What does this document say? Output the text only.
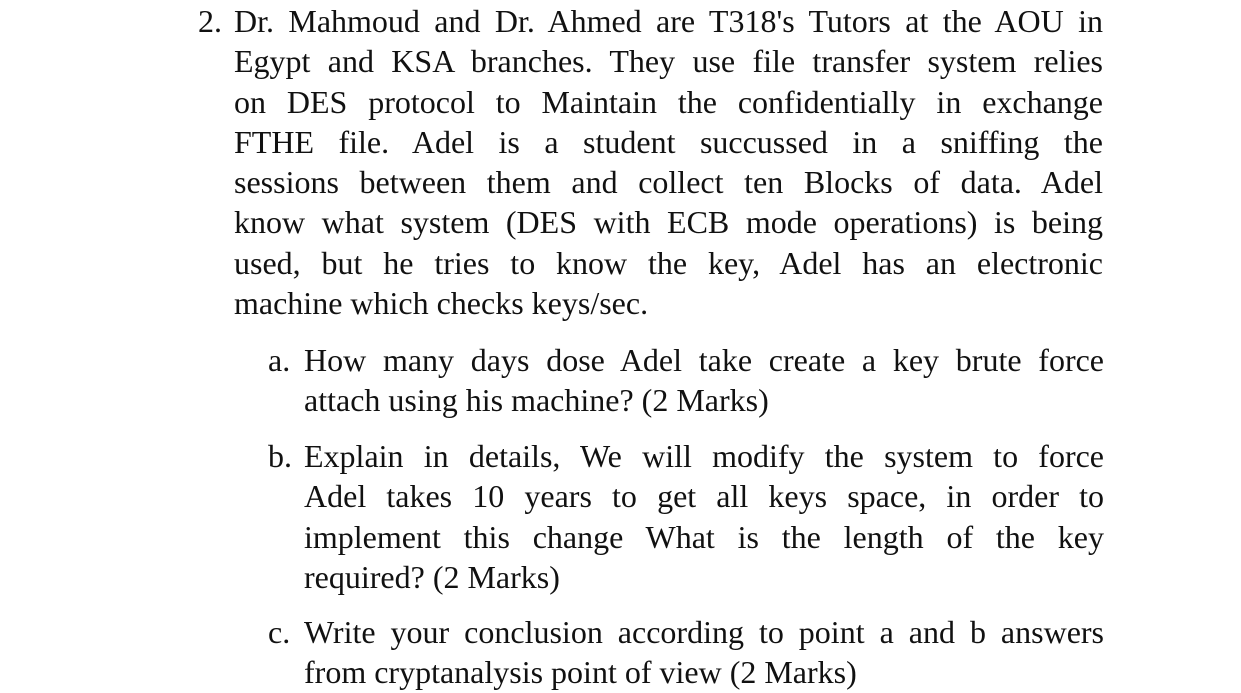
2. Dr. Mahmoud and Dr. Ahmed are T318's Tutors at the AOU in
Egypt and KSA branches. They use file transfer system relies
on DES protocol to Maintain the confidentially in exchange
FTHE file. Adel is a student succussed in a sniffing the
sessions between them and collect ten Blocks of data. Adel
know what system (DES with ECB mode operations) is being
used, but he tries to know the key, Adel has an electronic
machine which checks keys/sec.
a. How many days dose Adel take create a key brute force
attach using his machine? (2 Marks)
b. Explain in details, We will modify the system to force
Adel takes 10 years to get all keys space, in order to
implement this change What is the length of the key
required? (2 Marks)
c. Write your conclusion according to point a and b answers
from cryptanalysis point of view (2 Marks)
